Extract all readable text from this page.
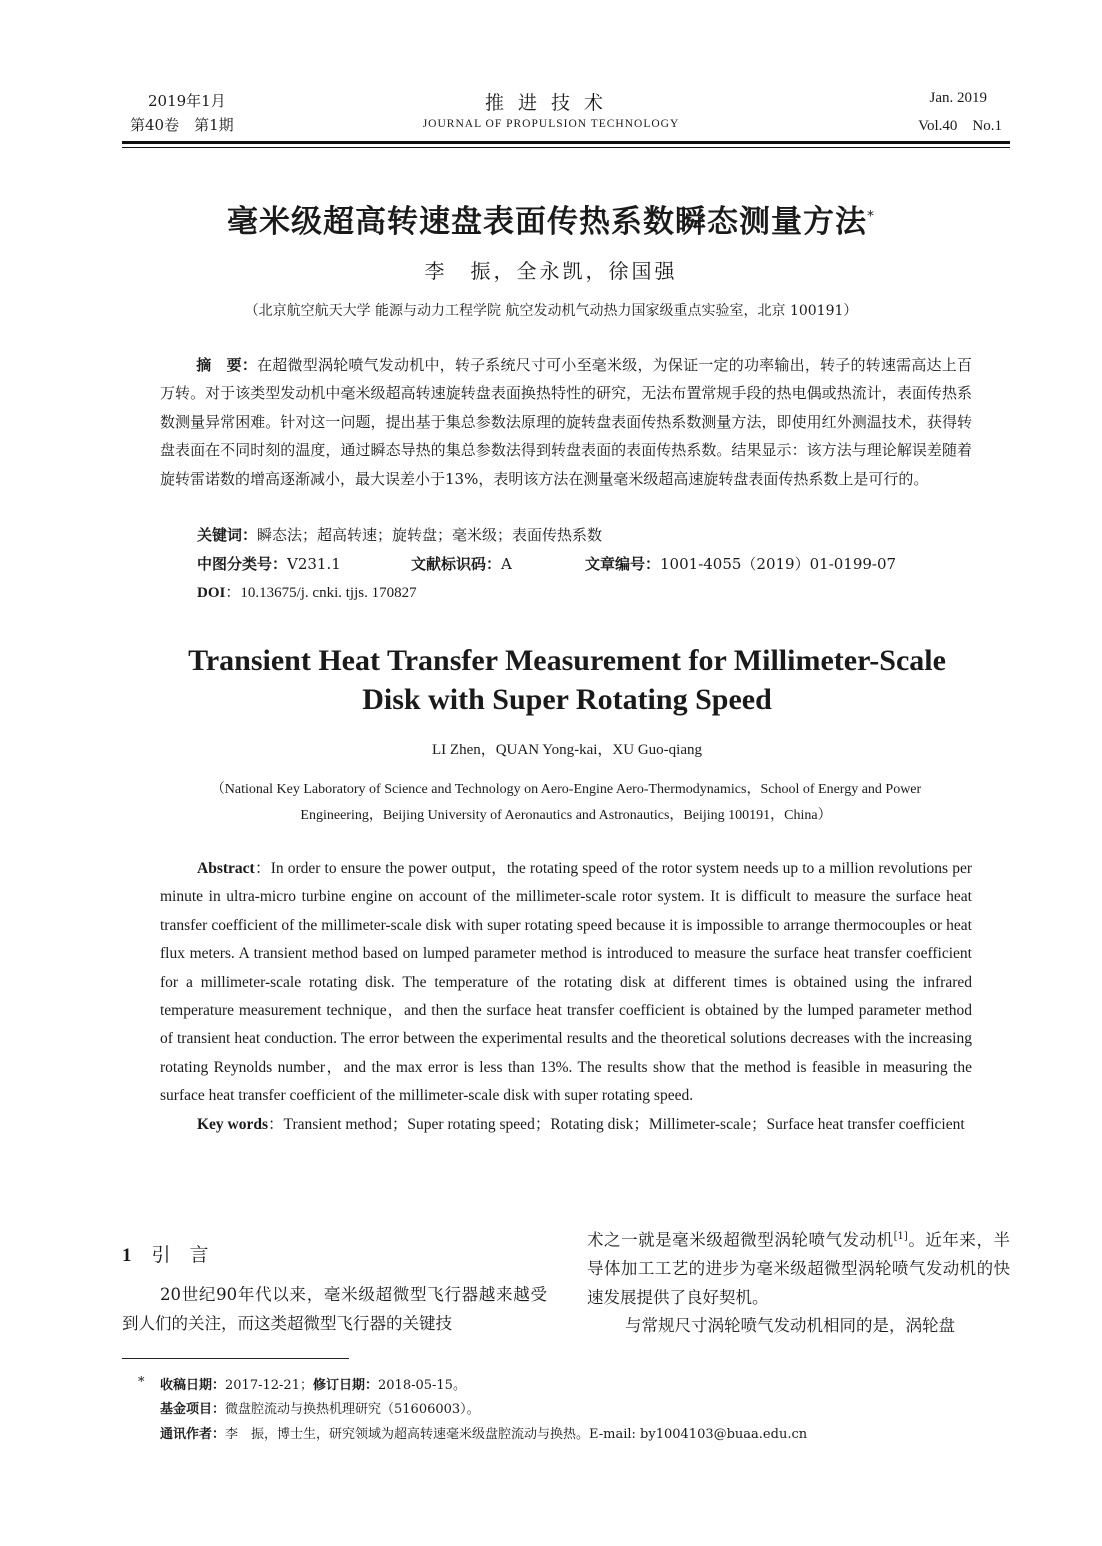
2019年1月
第40卷　第1期
推进技术
JOURNAL OF PROPULSION TECHNOLOGY
Jan. 2019
Vol.40　No.1
毫米级超高转速盘表面传热系数瞬态测量方法*
李　振，全永凯，徐国强
（北京航空航天大学 能源与动力工程学院 航空发动机气动热力国家级重点实验室，北京 100191）
摘　要：在超微型涡轮喷气发动机中，转子系统尺寸可小至毫米级，为保证一定的功率输出，转子的转速需高达上百万转。对于该类型发动机中毫米级超高转速旋转盘表面换热特性的研究，无法布置常规手段的热电偶或热流计，表面传热系数测量异常困难。针对这一问题，提出基于集总参数法原理的旋转盘表面传热系数测量方法，即使用红外测温技术，获得转盘表面在不同时刻的温度，通过瞬态导热的集总参数法得到转盘表面的表面传热系数。结果显示：该方法与理论解误差随着旋转雷诺数的增高逐渐减小，最大误差小于13%，表明该方法在测量毫米级超高速旋转盘表面传热系数上是可行的。
关键词：瞬态法；超高转速；旋转盘；毫米级；表面传热系数
中图分类号：V231.1	文献标识码：A	文章编号：1001-4055（2019）01-0199-07
DOI：10.13675/j. cnki. tjjs. 170827
Transient Heat Transfer Measurement for Millimeter-Scale
Disk with Super Rotating Speed
LI Zhen，QUAN Yong-kai，XU Guo-qiang
（National Key Laboratory of Science and Technology on Aero-Engine Aero-Thermodynamics，School of Energy and Power
Engineering，Beijing University of Aeronautics and Astronautics，Beijing 100191，China）

Abstract：In order to ensure the power output，the rotating speed of the rotor system needs up to a million revolutions per minute in ultra-micro turbine engine on account of the millimeter-scale rotor system. It is difficult to measure the surface heat transfer coefficient of the millimeter-scale disk with super rotating speed because it is impossible to arrange thermocouples or heat flux meters. A transient method based on lumped parameter method is introduced to measure the surface heat transfer coefficient for a millimeter-scale rotating disk. The temperature of the rotating disk at different times is obtained using the infrared temperature measurement technique，and then the surface heat transfer coefficient is obtained by the lumped parameter method of transient heat conduction. The error between the experimental results and the theoretical solutions decreases with the increasing rotating Reynolds number，and the max error is less than 13%. The results show that the method is feasible in measuring the surface heat transfer coefficient of the millimeter-scale disk with super rotating speed.

Key words：Transient method；Super rotating speed；Rotating disk；Millimeter-scale；Surface heat transfer coefficient

1 引　言

20世纪90年代以来，毫米级超微型飞行器越来越受到人们的关注，而这类超微型飞行器的关键技

术之一就是毫米级超微型涡轮喷气发动机[1]。近年来，半导体加工工艺的进步为毫米级超微型涡轮喷气发动机的快速发展提供了良好契机。

与常规尺寸涡轮喷气发动机相同的是，涡轮盘

* 收稿日期：2017-12-21；修订日期：2018-05-15。
基金项目：微盘腔流动与换热机理研究（51606003）。
通讯作者：李　振，博士生，研究领域为超高转速毫米级盘腔流动与换热。E-mail: by1004103@buaa.edu.cn
